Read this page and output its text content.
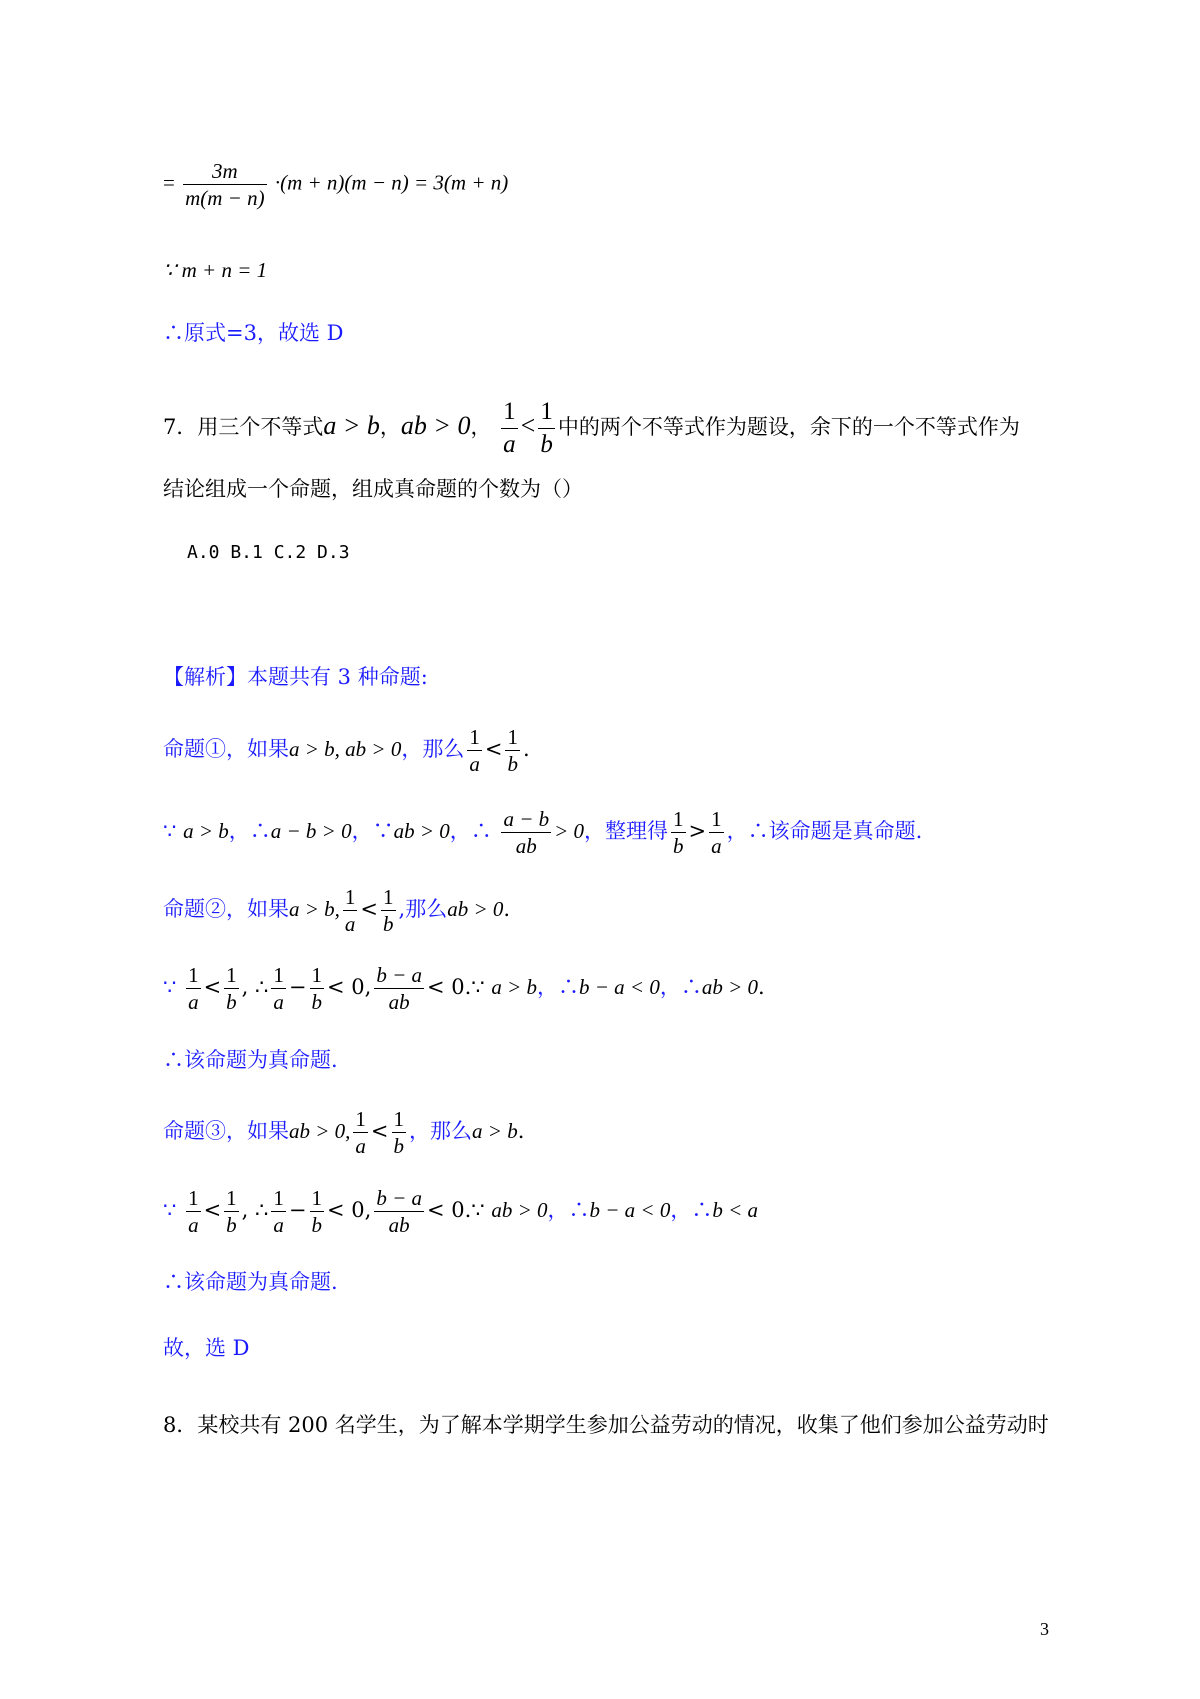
= $\frac{3m}{m(m - n)} \cdot(m + n)(m - n) = 3(m + n)$
∵ m + n = 1
∴原式=3，故选 D
7．用三个不等式a > b，ab > 0， $\frac{1}{a} < \frac{1}{b}$ 中的两个不等式作为题设，余下的一个不等式作为
结论组成一个命题，组成真命题的个数为（）
A.0 B.1 C.2 D.3
【解析】本题共有 3 种命题:
命题①，如果a > b, ab > 0，那么 $\frac{1}{a} < \frac{1}{b}$ .
∵ a > b，∴a − b > 0，∵ab > 0，∴ $\frac{a - b}{ab} > 0$，整理得 $\frac{1}{b} > \frac{1}{a}$ ，∴该命题是真命题.
命题②，如果a > b, $\frac{1}{a} < \frac{1}{b}$ ,那么ab > 0.
∵ $\frac{1}{a} < \frac{1}{b}$ , ∴ $\frac{1}{a} - \frac{1}{b} < 0$, $\frac{b - a}{ab}$ < 0.∵ a > b，∴b − a < 0，∴ab > 0.
∴该命题为真命题.
命题③，如果ab > 0, $\frac{1}{a} < \frac{1}{b}$ ，那么a > b.
∵ $\frac{1}{a} < \frac{1}{b}$ , ∴ $\frac{1}{a} - \frac{1}{b} < 0$, $\frac{b - a}{ab}$ < 0.∵ ab > 0，∴b − a < 0，∴b < a
∴该命题为真命题.
故，选 D
8．某校共有 200 名学生，为了解本学期学生参加公益劳动的情况，收集了他们参加公益劳动时
3
